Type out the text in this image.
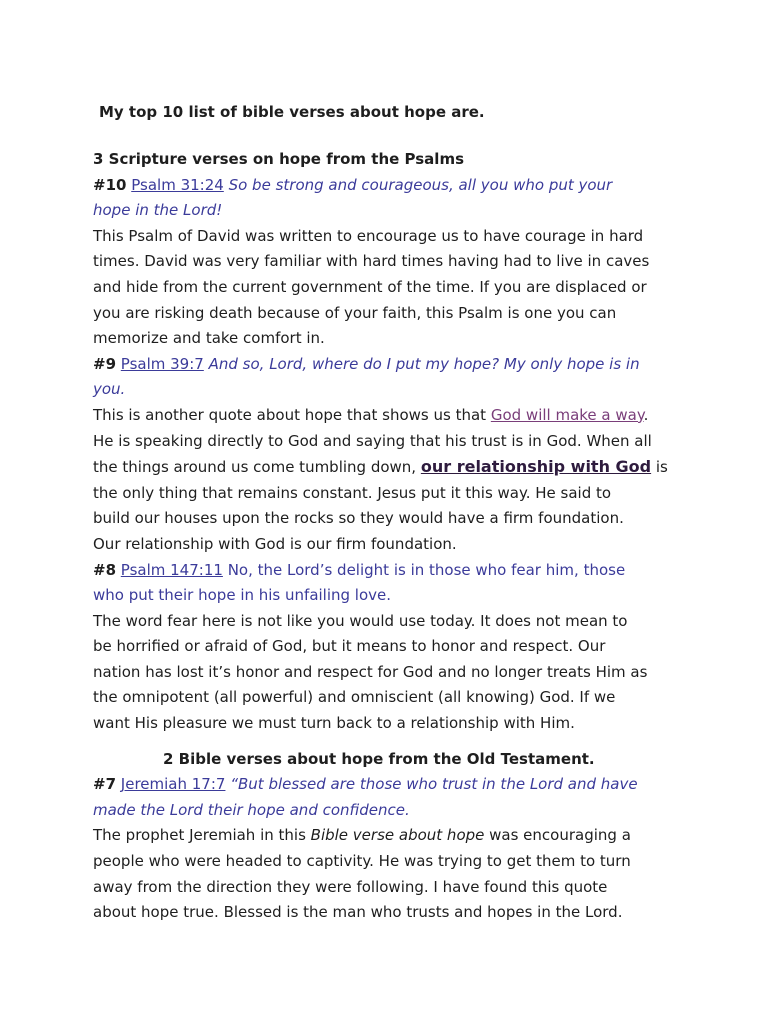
My top 10 list of bible verses about hope are.
3 Scripture verses on hope from the Psalms
#10 Psalm 31:24 So be strong and courageous, all you who put your
hope in the Lord!
This Psalm of David was written to encourage us to have courage in hard
times. David was very familiar with hard times having had to live in caves
and hide from the current government of the time. If you are displaced or
you are risking death because of your faith, this Psalm is one you can
memorize and take comfort in.
#9 Psalm 39:7 And so, Lord, where do I put my hope? My only hope is in
you.
This is another quote about hope that shows us that God will make a way.
He is speaking directly to God and saying that his trust is in God. When all
the things around us come tumbling down, our relationship with God is
the only thing that remains constant. Jesus put it this way. He said to
build our houses upon the rocks so they would have a firm foundation.
Our relationship with God is our firm foundation.
#8 Psalm 147:11 No, the Lord’s delight is in those who fear him, those
who put their hope in his unfailing love.
The word fear here is not like you would use today. It does not mean to
be horrified or afraid of God, but it means to honor and respect. Our
nation has lost it’s honor and respect for God and no longer treats Him as
the omnipotent (all powerful) and omniscient (all knowing) God. If we
want His pleasure we must turn back to a relationship with Him.
2 Bible verses about hope from the Old Testament.
#7 Jeremiah 17:7 “But blessed are those who trust in the Lord and have
made the Lord their hope and confidence.
The prophet Jeremiah in this Bible verse about hope was encouraging a
people who were headed to captivity. He was trying to get them to turn
away from the direction they were following. I have found this quote
about hope true. Blessed is the man who trusts and hopes in the Lord.
